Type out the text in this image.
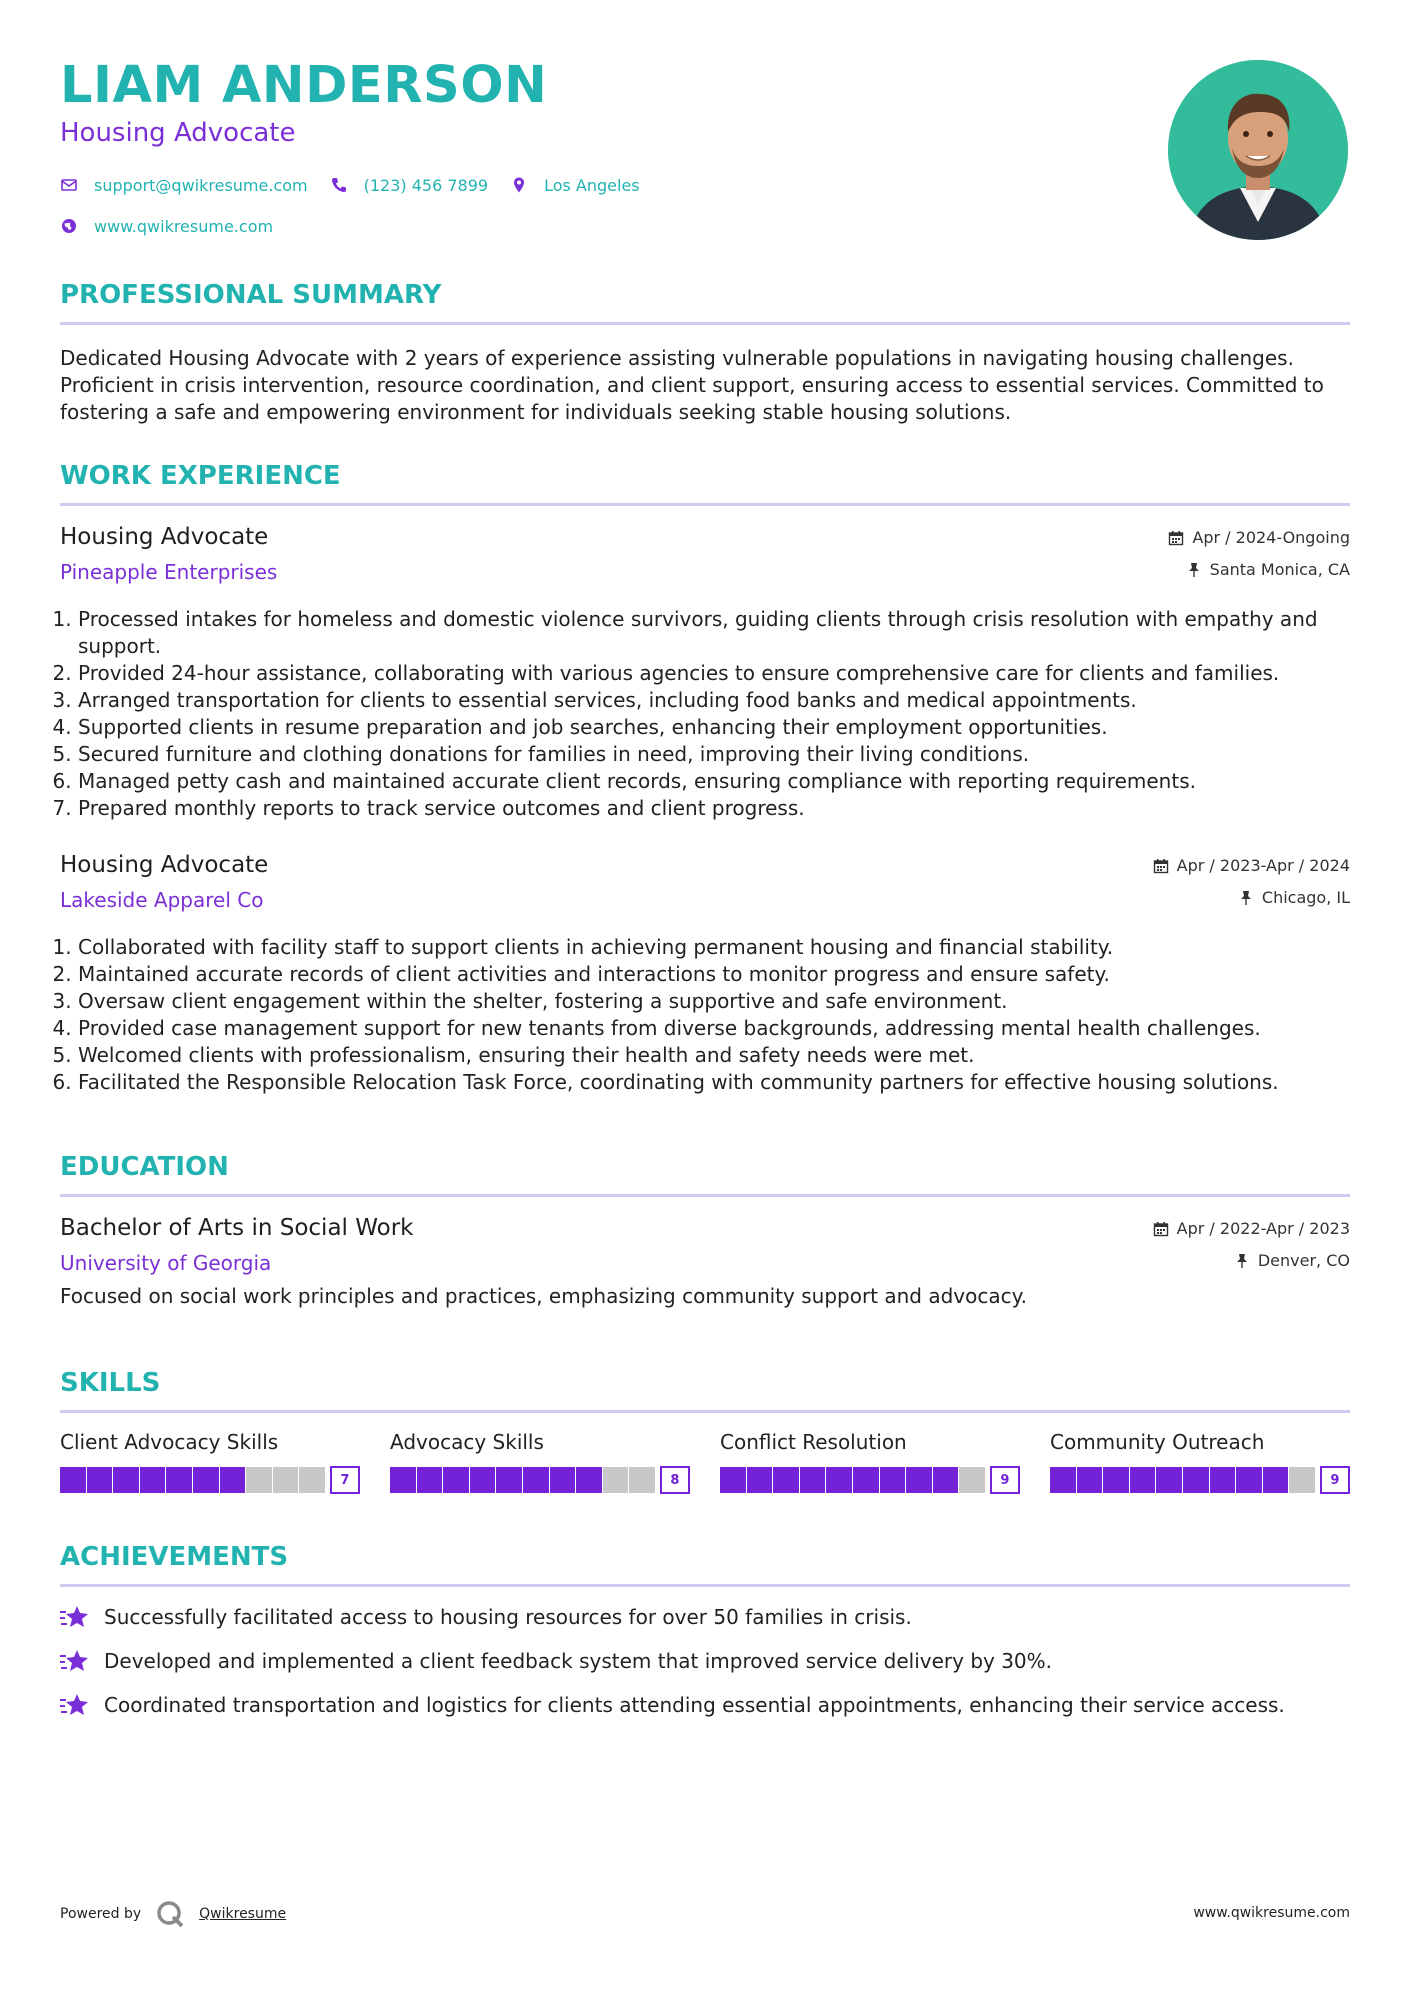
LIAM ANDERSON
Housing Advocate
support@qwikresume.com	(123) 456 7899	Los Angeles
www.qwikresume.com
PROFESSIONAL SUMMARY
Dedicated Housing Advocate with 2 years of experience assisting vulnerable populations in navigating housing challenges. Proficient in crisis intervention, resource coordination, and client support, ensuring access to essential services. Committed to fostering a safe and empowering environment for individuals seeking stable housing solutions.
WORK EXPERIENCE
Housing Advocate
Pineapple Enterprises
Apr / 2024-Ongoing
Santa Monica, CA
1. Processed intakes for homeless and domestic violence survivors, guiding clients through crisis resolution with empathy and support.
2. Provided 24-hour assistance, collaborating with various agencies to ensure comprehensive care for clients and families.
3. Arranged transportation for clients to essential services, including food banks and medical appointments.
4. Supported clients in resume preparation and job searches, enhancing their employment opportunities.
5. Secured furniture and clothing donations for families in need, improving their living conditions.
6. Managed petty cash and maintained accurate client records, ensuring compliance with reporting requirements.
7. Prepared monthly reports to track service outcomes and client progress.
Housing Advocate
Lakeside Apparel Co
Apr / 2023-Apr / 2024
Chicago, IL
1. Collaborated with facility staff to support clients in achieving permanent housing and financial stability.
2. Maintained accurate records of client activities and interactions to monitor progress and ensure safety.
3. Oversaw client engagement within the shelter, fostering a supportive and safe environment.
4. Provided case management support for new tenants from diverse backgrounds, addressing mental health challenges.
5. Welcomed clients with professionalism, ensuring their health and safety needs were met.
6. Facilitated the Responsible Relocation Task Force, coordinating with community partners for effective housing solutions.
EDUCATION
Bachelor of Arts in Social Work
University of Georgia
Apr / 2022-Apr / 2023
Denver, CO
Focused on social work principles and practices, emphasizing community support and advocacy.
SKILLS
Client Advocacy Skills
7
Advocacy Skills
8
Conflict Resolution
9
Community Outreach
9
ACHIEVEMENTS
Successfully facilitated access to housing resources for over 50 families in crisis.
Developed and implemented a client feedback system that improved service delivery by 30%.
Coordinated transportation and logistics for clients attending essential appointments, enhancing their service access.
Powered by	Qwikresume	www.qwikresume.com
